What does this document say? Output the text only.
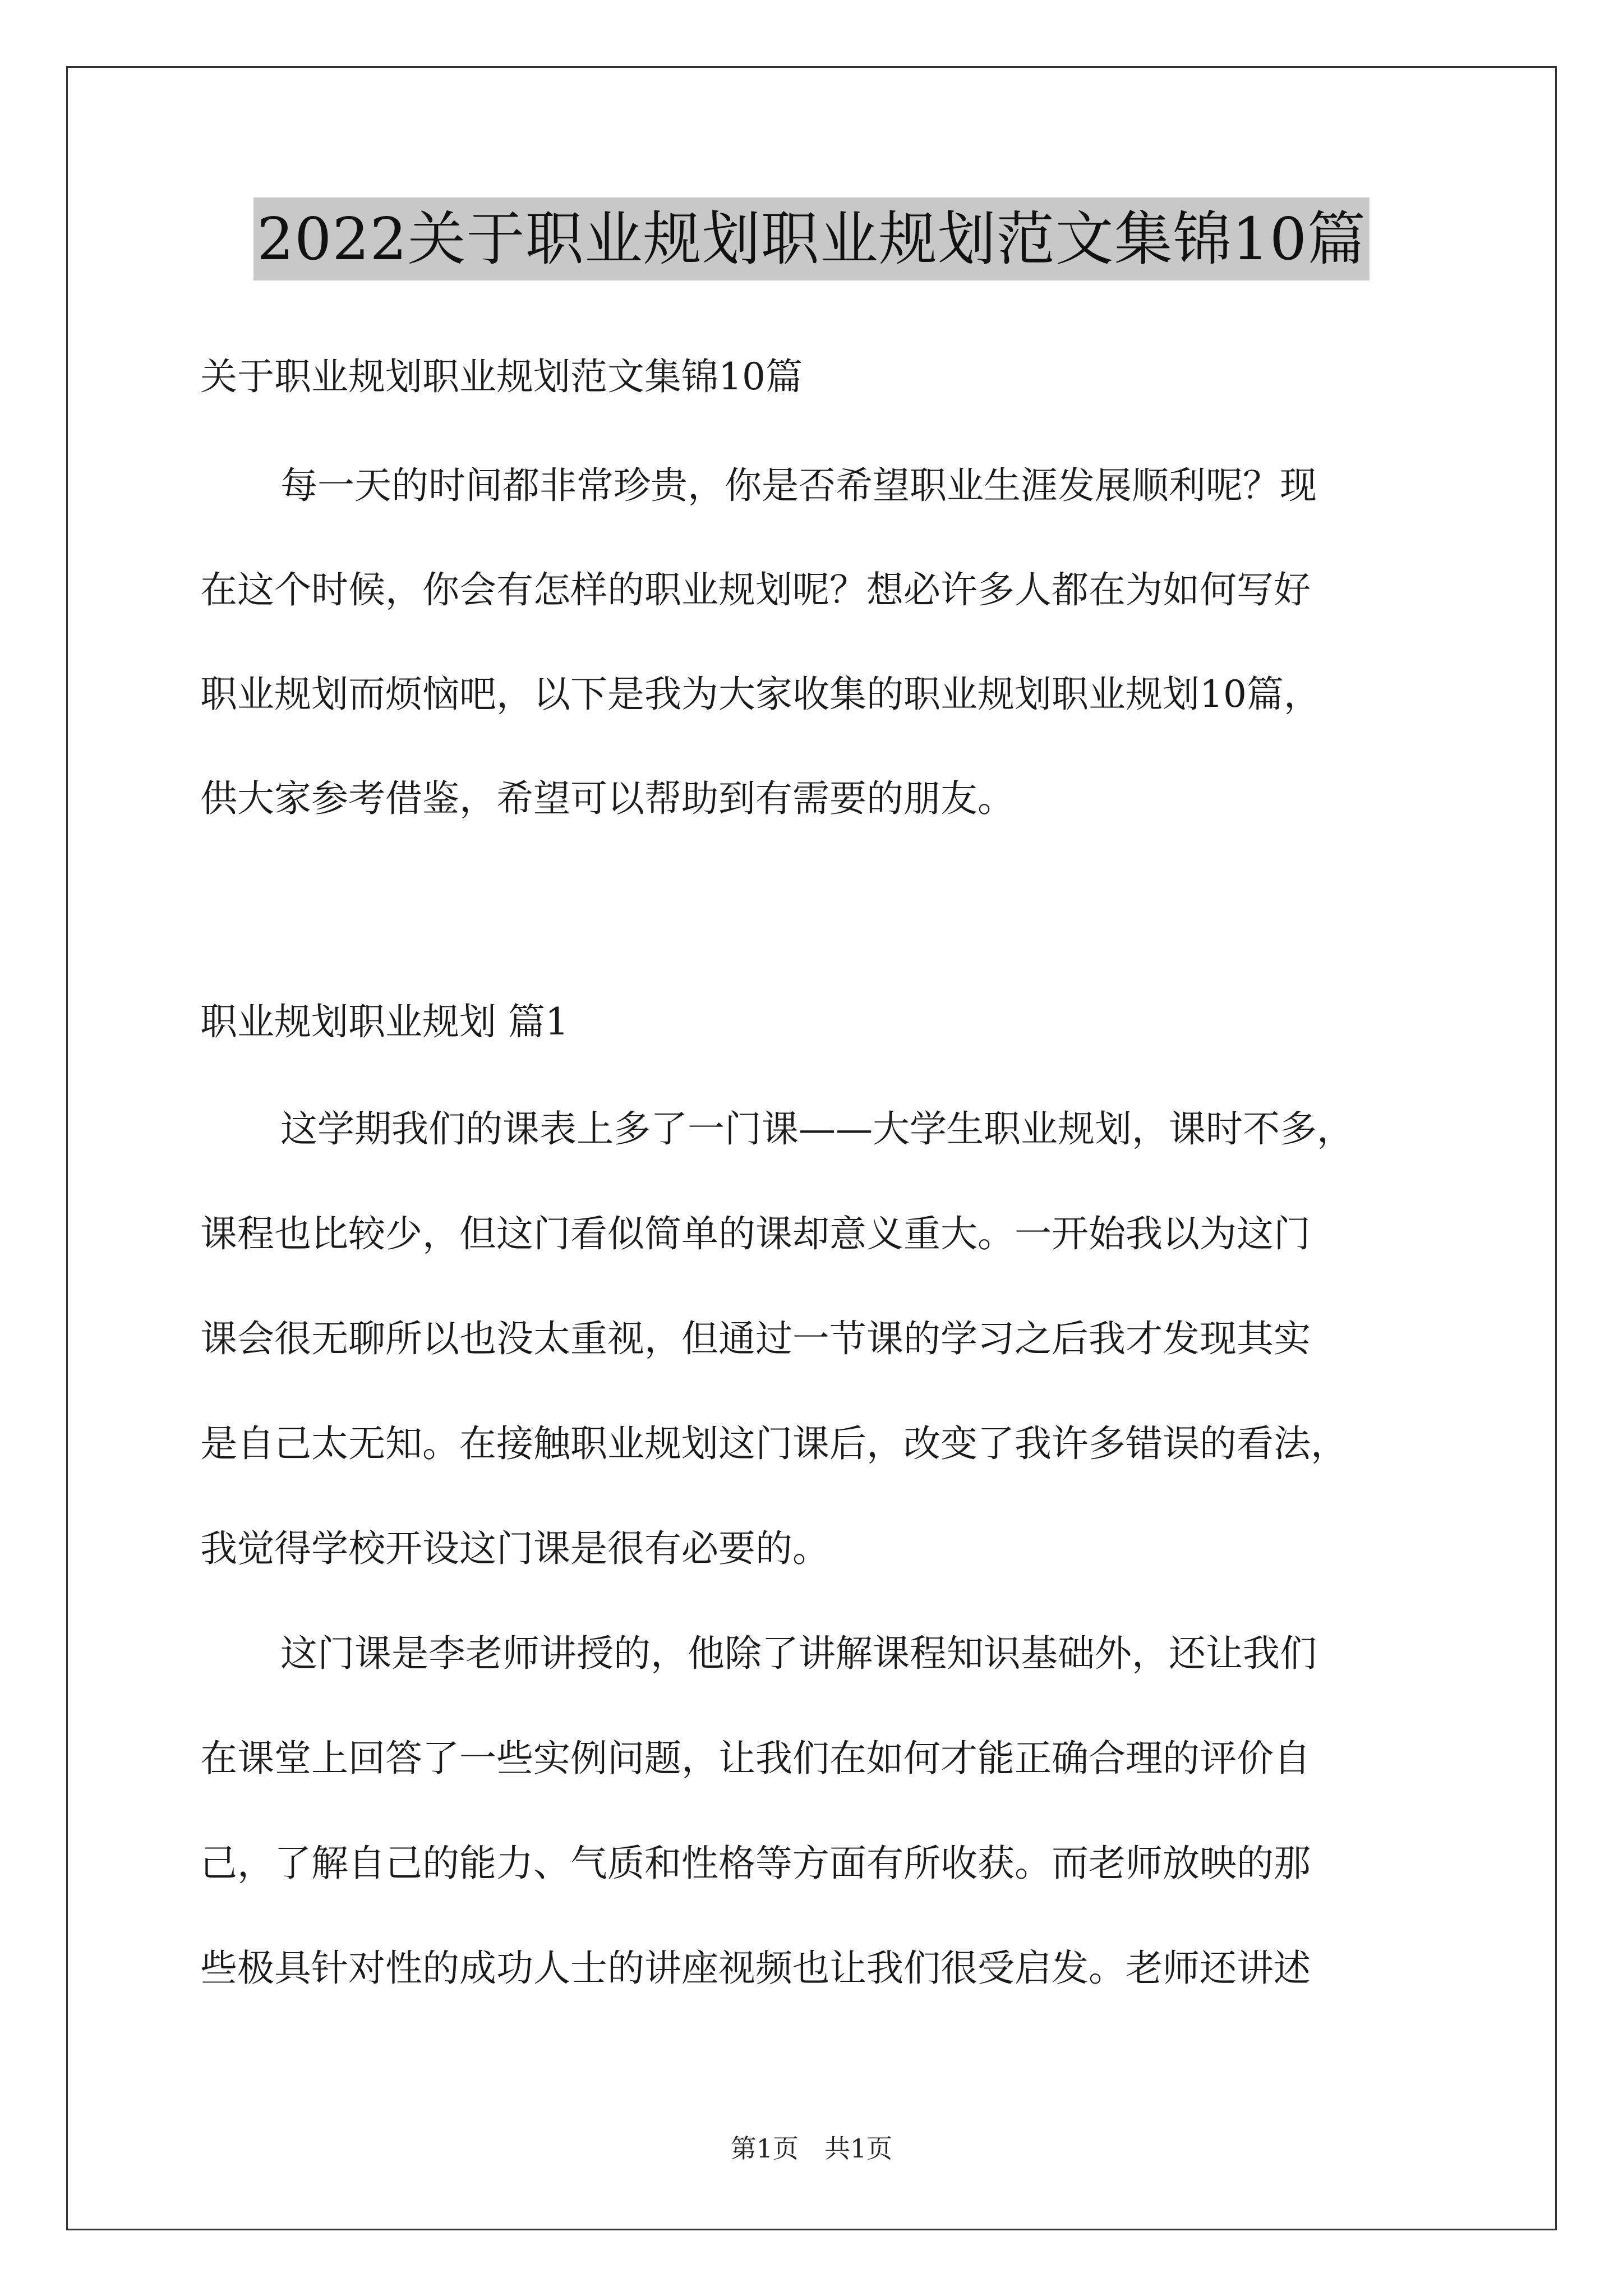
2022关于职业规划职业规划范文集锦10篇
关于职业规划职业规划范文集锦10篇
每一天的时间都非常珍贵，你是否希望职业生涯发展顺利呢？现
在这个时候，你会有怎样的职业规划呢？想必许多人都在为如何写好
职业规划而烦恼吧，以下是我为大家收集的职业规划职业规划10篇，
供大家参考借鉴，希望可以帮助到有需要的朋友。
职业规划职业规划 篇1
这学期我们的课表上多了一门课——大学生职业规划，课时不多，
课程也比较少，但这门看似简单的课却意义重大。一开始我以为这门
课会很无聊所以也没太重视，但通过一节课的学习之后我才发现其实
是自己太无知。在接触职业规划这门课后，改变了我许多错误的看法，
我觉得学校开设这门课是很有必要的。
这门课是李老师讲授的，他除了讲解课程知识基础外，还让我们
在课堂上回答了一些实例问题，让我们在如何才能正确合理的评价自
己，了解自己的能力、气质和性格等方面有所收获。而老师放映的那
些极具针对性的成功人士的讲座视频也让我们很受启发。老师还讲述
第1页　共1页
